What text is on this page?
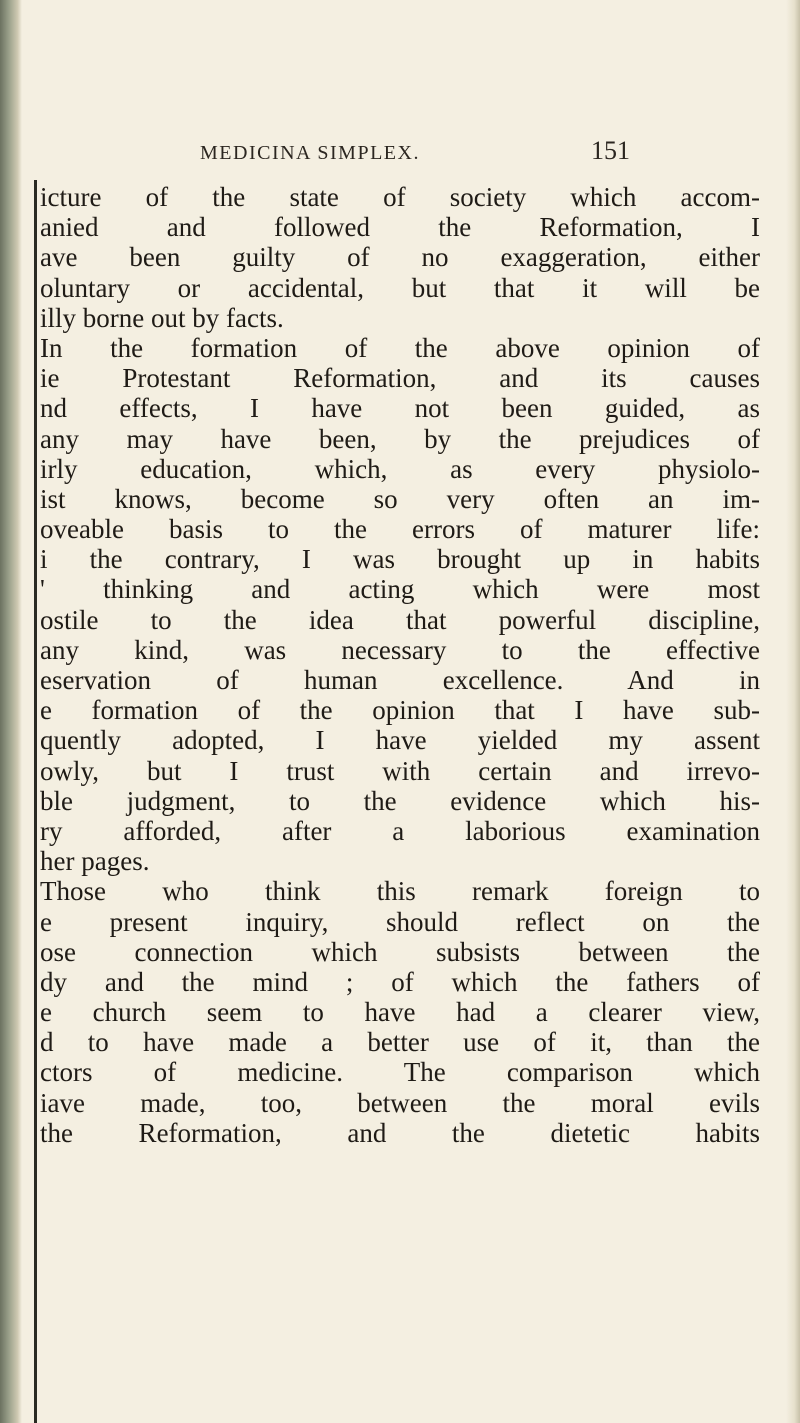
MEDICINA SIMPLEX.	151
icture of the state of society which accom-
anied and followed the Reformation, I
ave been guilty of no exaggeration, either
oluntary or accidental, but that it will be
illy borne out by facts.
In the formation of the above opinion of
ie Protestant Reformation, and its causes
nd effects, I have not been guided, as
any may have been, by the prejudices of
irly education, which, as every physiolo-
ist knows, become so very often an im-
oveable basis to the errors of maturer life:
i the contrary, I was brought up in habits
' thinking and acting which were most
ostile to the idea that powerful discipline,
any kind, was necessary to the effective
eservation of human excellence. And in
e formation of the opinion that I have sub-
quently adopted, I have yielded my assent
owly, but I trust with certain and irrevo-
ble judgment, to the evidence which his-
ry afforded, after a laborious examination
her pages.
Those who think this remark foreign to
e present inquiry, should reflect on the
ose connection which subsists between the
dy and the mind ; of which the fathers of
e church seem to have had a clearer view,
d to have made a better use of it, than the
ctors of medicine. The comparison which
iave made, too, between the moral evils
the Reformation, and the dietetic habits
